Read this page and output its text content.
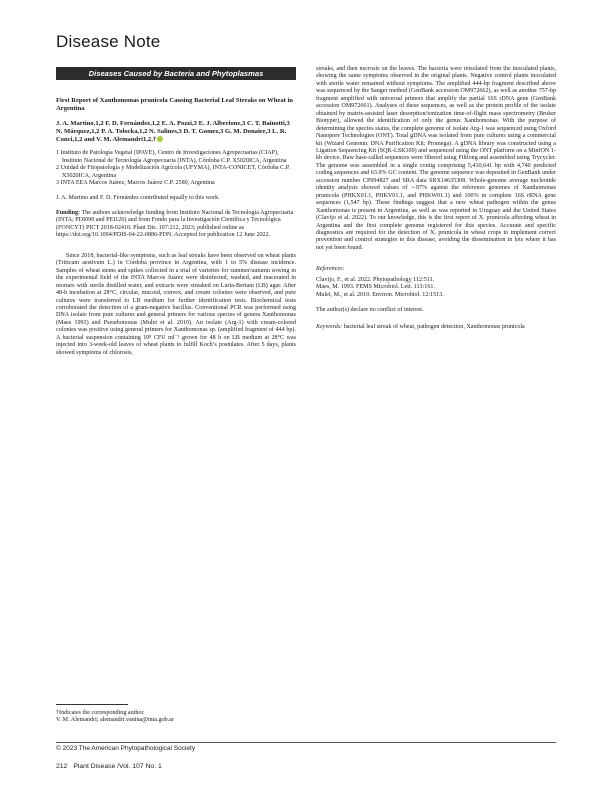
Disease Note
Diseases Caused by Bacteria and Phytoplasmas

First Report of Xanthomonas prunicola Causing Bacterial Leaf Streaks on Wheat in Argentina

J. A. Martino,1,2 F. D. Fernández,1,2 E. A. Pozzi,3 E. J. Alberione,3 C. T. Bainotti,3 N. Márquez,1,2 P. A. Tolocka,1,2 N. Salines,3 D. T. Gomez,3 G. M. Donaire,3 L. R. Conci,1,2 and V. M. Alemandri1,2,†

1 Instituto de Patología Vegetal (IPAVE), Centro de Investigaciones Agropecuarias (CIAP), Instituto Nacional de Tecnología Agropecuaria (INTA), Córdoba C.P. X5020ICA, Argentina

2 Unidad de Fitopatología y Modelización Agrícola (UFYMA), INTA-CONICET, Córdoba C.P. X5020ICA, Argentina

3 INTA EEA Marcos Juárez, Marcos Juárez C.P. 2580, Argentina

J. A. Martino and F. D. Fernández contributed equally to this work.

Funding: The authors acknowledge funding from Instituto Nacional de Tecnología Agropecuaria (INTA; PDI090 and PEI126) and from Fondo para la Investigación Científica y Tecnológica (FONCYT) PICT 2018-02410. Plant Dis. 107:212, 2023; published online as https://doi.org/10.1094/PDIS-04-22-0886-PDN. Accepted for publication 12 June 2022.

Since 2018, bacterial-like symptoms, such as leaf streaks have been observed on wheat plants (Triticum aestivum L.) in Córdoba province in Argentina, with 1 to 5% disease incidence. Samples of wheat stems and spikes collected in a trial of varieties for summer/autumn sowing in the experimental field of the INTA Marcos Juárez were disinfected, washed, and macerated in mortars with sterile distilled water, and extracts were streaked on Luria-Bertani (LB) agar. After 48-h incubation at 28°C, circular, mucoid, convex, and cream colonies were observed, and pure cultures were transferred to LB medium for further identification tests. Biochemical tests corroborated the detection of a gram-negative bacillus. Conventional PCR was performed using DNA isolate from pure cultures and general primers for various species of genera Xanthomonas (Maes 1993) and Pseudomonas (Mulet et al. 2010). An isolate (Arg-1) with cream-colored colonies was positive using general primers for Xanthomonas sp. (amplified fragment of 444 bp). A bacterial suspension containing 10⁸ CFU ml⁻¹ grown for 48 h on LB medium at 28°C was injected into 3-week-old leaves of wheat plants to fulfill Koch’s postulates. After 5 days, plants showed symptoms of chlorosis,

streaks, and then necrosis on the leaves. The bacteria were reisolated from the inoculated plants, showing the same symptoms observed in the original plants. Negative control plants inoculated with sterile water remained without symptoms. The amplified 444-bp fragment described above was sequenced by the Sanger method (GenBank accession OM972662), as well as another 757-bp fragment amplified with universal primers that amplify the partial 16S rDNA gene (GenBank accession OM972661). Analyses of these sequences, as well as the protein profile of the isolate obtained by matrix-assisted laser desorption/ionization time-of-flight mass spectrometry (Bruker Biotyper), allowed the identification of only the genus Xanthomonas. With the purpose of determining the species status, the complete genome of isolate Arg-1 was sequenced using Oxford Nanopore Technologies (ONT). Total gDNA was isolated from pure cultures using a commercial kit (Wizard Genomic DNA Purification Kit; Promega). A gDNA library was constructed using a Ligation Sequencing Kit (SQK-LSK109) and sequenced using the ONT platform on a MinION 1-kb device. Raw base-called sequences were filtered using Filtlong and assembled using Trycycler. The genome was assembled in a single contig comprising 5,410,641 bp with 4,740 predicted coding sequences and 63.9% GC content. The genome sequence was deposited in GenBank under accession number CP094827 and SRA data SRX14635308. Whole-genome average nucleotide identity analysis showed values of ∼97% against the reference genomes of Xanthomonas prunicola (PHKX01.1, PHKV01.1, and PHKW01.1) and 100% in complete 16S rRNA gene sequences (1,547 bp). These findings suggest that a new wheat pathogen within the genus Xanthomonas is present in Argentina, as well as was reported in Uruguay and the United States (Clavijo et al. 2022). To our knowledge, this is the first report of X. prunicola affecting wheat in Argentina and the first complete genome registered for this species. Accurate and specific diagnostics are required for the detection of X. prunicola in wheat crops to implement correct prevention and control strategies to this disease, avoiding the dissemination in lots where it has not yet been found.

References:

Clavijo, F., et al. 2022. Phytopathology 112:511.

Maes, M. 1993. FEMS Microbiol. Lett. 113:161.

Mulet, M., et al. 2010. Environ. Microbiol. 12:1513.

The author(s) declare no conflict of interest.

Keywords: bacterial leaf streak of wheat, pathogen detection, Xanthomonas prunicola

†Indicates the corresponding author.
V. M. Alemandri; alemandri.vanina@inta.gob.ar
© 2023 The American Phytopathological Society
212 Plant Disease /Vol. 107 No. 1
